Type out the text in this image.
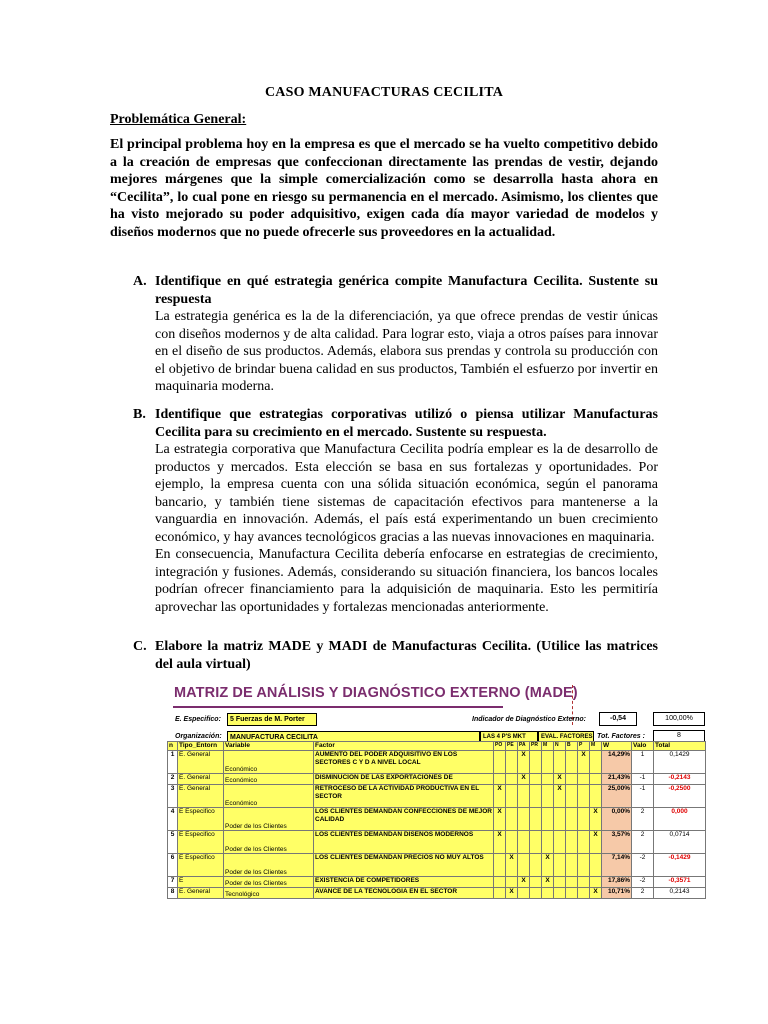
CASO MANUFACTURAS CECILITA
Problemática General:
El principal problema hoy en la empresa es que el mercado se ha vuelto competitivo debido a la creación de empresas que confeccionan directamente las prendas de vestir, dejando mejores márgenes que la simple comercialización como se desarrolla hasta ahora en “Cecilita”, lo cual pone en riesgo su permanencia en el mercado. Asimismo, los clientes que ha visto mejorado su poder adquisitivo, exigen cada día mayor variedad de modelos y diseños modernos que no puede ofrecerle sus proveedores en la actualidad.
A. Identifique en qué estrategia genérica compite Manufactura Cecilita. Sustente su respuesta
La estrategia genérica es la de la diferenciación, ya que ofrece prendas de vestir únicas con diseños modernos y de alta calidad. Para lograr esto, viaja a otros países para innovar en el diseño de sus productos. Además, elabora sus prendas y controla su producción con el objetivo de brindar buena calidad en sus productos, También el esfuerzo por invertir en maquinaria moderna.
B. Identifique que estrategias corporativas utilizó o piensa utilizar Manufacturas Cecilita para su crecimiento en el mercado. Sustente su respuesta.
La estrategia corporativa que Manufactura Cecilita podría emplear es la de desarrollo de productos y mercados. Esta elección se basa en sus fortalezas y oportunidades. Por ejemplo, la empresa cuenta con una sólida situación económica, según el panorama bancario, y también tiene sistemas de capacitación efectivos para mantenerse a la vanguardia en innovación. Además, el país está experimentando un buen crecimiento económico, y hay avances tecnológicos gracias a las nuevas innovaciones en maquinaria.
En consecuencia, Manufactura Cecilita debería enfocarse en estrategias de crecimiento, integración y fusiones. Además, considerando su situación financiera, los bancos locales podrían ofrecer financiamiento para la adquisición de maquinaria. Esto les permitiría aprovechar las oportunidades y fortalezas mencionadas anteriormente.
C. Elabore la matriz MADE y MADI de Manufacturas Cecilita. (Utilice las matrices del aula virtual)
MATRIZ DE ANÁLISIS Y DIAGNÓSTICO EXTERNO (MADE)
E. Especifico:	5 Fuerzas de M. Porter	Indicador de Diagnóstico Externo:	-0,54	100,00%
Organización:	MANUFACTURA CECILITA	LAS 4 P'S MKT	EVAL. FACTORES Tot. Factores :	8
n	Tipo_Entorn	Variable	Factor	PO	PE	PA	PR	M	N	B	P	M	W	Valo	Total
1	E. General	Económico	AUMENTO DEL PODER ADQUISITIVO EN LOS SECTORES C Y D A NIVEL LOCAL			X					X		14,29%	1	0,1429
2	E. General	Económico	DISMINUCIÓN DE LAS EXPORTACIONES DE			X			X				21,43%	-1	-0,2143
3	E. General	Económico	RETROCESO DE LA ACTIVIDAD PRODUCTIVA EN EL SECTOR	X					X				25,00%	-1	-0,2500
4	E Especifico	Poder de los Clientes	LOS CLIENTES DEMANDAN CONFECCIONES DE MEJOR CALIDAD	X								X	0,00%	2	0,000
5	E Especifico	Poder de los Clientes	LOS CLIENTES DEMANDAN DISEÑOS MODERNOS	X								X	3,57%	2	0,0714
6	E Especifico	Poder de los Clientes	LOS CLIENTES DEMANDAN PRECIOS NO MUY ALTOS		X			X					7,14%	-2	-0,1429
7	E	Poder de los Clientes	EXISTENCIA DE COMPETIDORES			X		X					17,86%	-2	-0,3571
8	E. General	Tecnológico	AVANCE DE LA TECNOLOGIA EN EL SECTOR		X							X	10,71%	2	0,2143
